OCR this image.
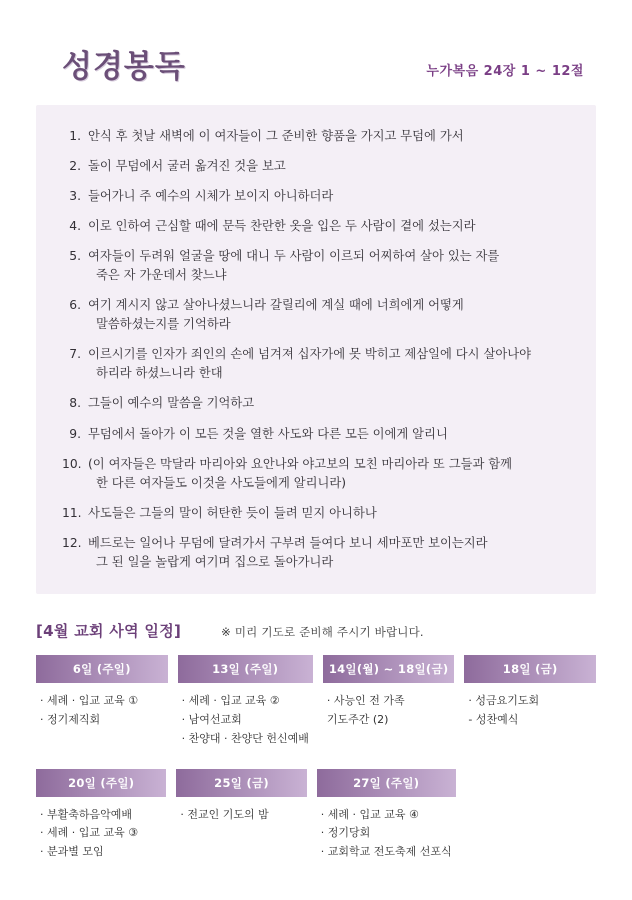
성경봉독	누가복음 24장 1 ~ 12절
1. 안식 후 첫날 새벽에 이 여자들이 그 준비한 향품을 가지고 무덤에 가서
2. 돌이 무덤에서 굴러 옮겨진 것을 보고
3. 들어가니 주 예수의 시체가 보이지 아니하더라
4. 이로 인하여 근심할 때에 문득 찬란한 옷을 입은 두 사람이 곁에 섰는지라
5. 여자들이 두려워 얼굴을 땅에 대니 두 사람이 이르되 어찌하여 살아 있는 자를
죽은 자 가운데서 찾느냐
6. 여기 계시지 않고 살아나셨느니라 갈릴리에 계실 때에 너희에게 어떻게
말씀하셨는지를 기억하라
7. 이르시기를 인자가 죄인의 손에 넘겨져 십자가에 못 박히고 제삼일에 다시 살아나야
하리라 하셨느니라 한대
8. 그들이 예수의 말씀을 기억하고
9. 무덤에서 돌아가 이 모든 것을 열한 사도와 다른 모든 이에게 알리니
10. (이 여자들은 막달라 마리아와 요안나와 야고보의 모친 마리아라 또 그들과 함께
한 다른 여자들도 이것을 사도들에게 알리니라)
11. 사도들은 그들의 말이 허탄한 듯이 들려 믿지 아니하나
12. 베드로는 일어나 무덤에 달려가서 구부려 들여다 보니 세마포만 보이는지라
그 된 일을 놀랍게 여기며 집으로 돌아가니라
[4월 교회 사역 일정]	※ 미리 기도로 준비해 주시기 바랍니다.
6일 (주일)
· 세례 · 입교 교육 ①
· 정기제직회
13일 (주일)
· 세례 · 입교 교육 ②
· 남여선교회
· 찬양대 · 찬양단 헌신예배
14일(월) ~ 18일(금)
· 사능인 전 가족
기도주간 (2)
18일 (금)
· 성금요기도회
- 성찬예식
20일 (주일)
· 부활축하음악예배
· 세례 · 입교 교육 ③
· 분과별 모임
25일 (금)
· 전교인 기도의 밤
27일 (주일)
· 세례 · 입교 교육 ④
· 정기당회
· 교회학교 전도축제 선포식
